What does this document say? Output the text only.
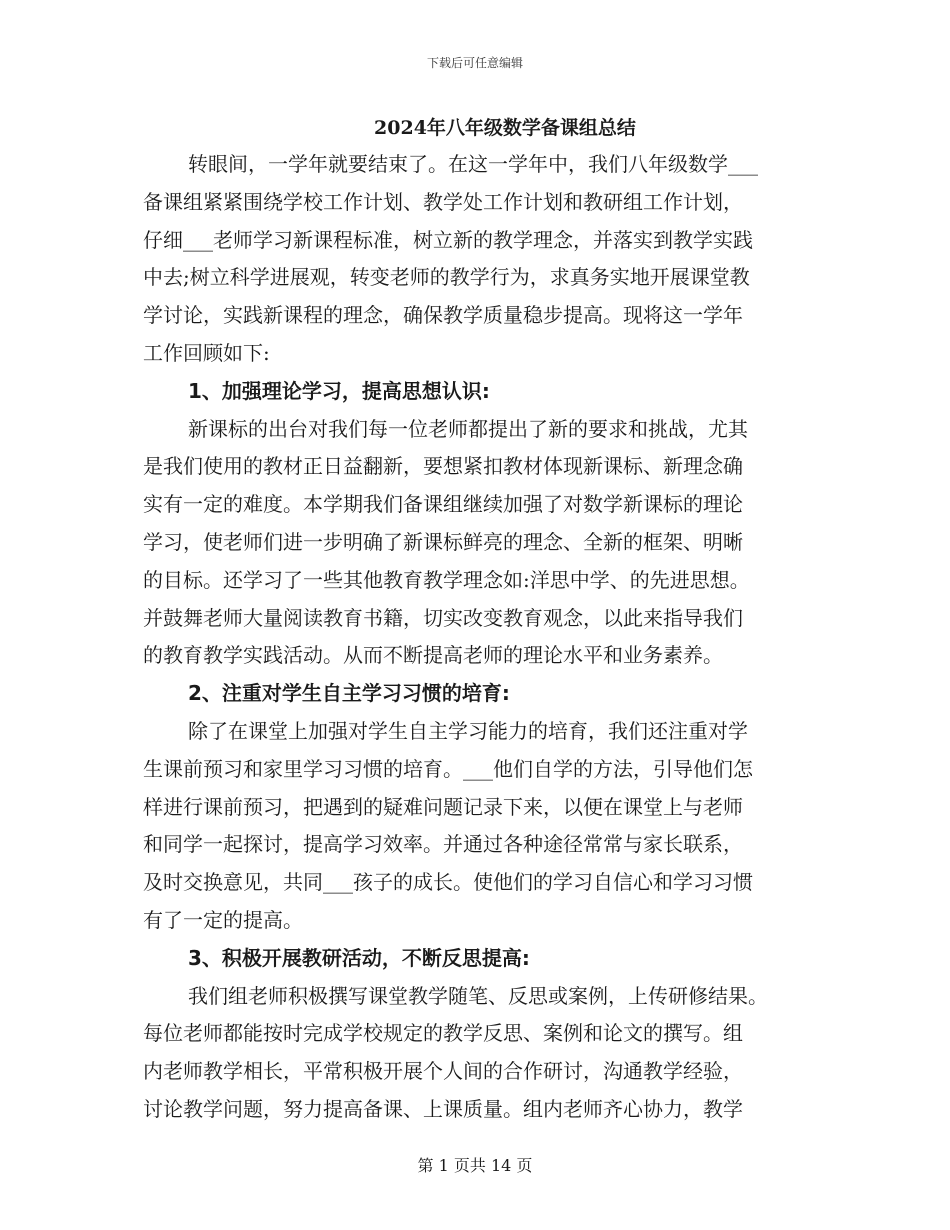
下载后可任意编辑
2024年八年级数学备课组总结
转眼间，一学年就要结束了。在这一学年中，我们八年级数学___
备课组紧紧围绕学校工作计划、教学处工作计划和教研组工作计划，
仔细___老师学习新课程标准，树立新的教学理念，并落实到教学实践
中去;树立科学进展观，转变老师的教学行为，求真务实地开展课堂教
学讨论，实践新课程的理念，确保教学质量稳步提高。现将这一学年
工作回顾如下:
1、加强理论学习，提高思想认识:
新课标的出台对我们每一位老师都提出了新的要求和挑战，尤其
是我们使用的教材正日益翻新，要想紧扣教材体现新课标、新理念确
实有一定的难度。本学期我们备课组继续加强了对数学新课标的理论
学习，使老师们进一步明确了新课标鲜亮的理念、全新的框架、明晰
的目标。还学习了一些其他教育教学理念如:洋思中学、的先进思想。
并鼓舞老师大量阅读教育书籍，切实改变教育观念，以此来指导我们
的教育教学实践活动。从而不断提高老师的理论水平和业务素养。
2、注重对学生自主学习习惯的培育:
除了在课堂上加强对学生自主学习能力的培育，我们还注重对学
生课前预习和家里学习习惯的培育。___他们自学的方法，引导他们怎
样进行课前预习，把遇到的疑难问题记录下来，以便在课堂上与老师
和同学一起探讨，提高学习效率。并通过各种途径常常与家长联系，
及时交换意见，共同___孩子的成长。使他们的学习自信心和学习习惯
有了一定的提高。
3、积极开展教研活动，不断反思提高:
我们组老师积极撰写课堂教学随笔、反思或案例，上传研修结果。
每位老师都能按时完成学校规定的教学反思、案例和论文的撰写。组
内老师教学相长，平常积极开展个人间的合作研讨，沟通教学经验，
讨论教学问题，努力提高备课、上课质量。组内老师齐心协力，教学
第 1 页共 14 页
